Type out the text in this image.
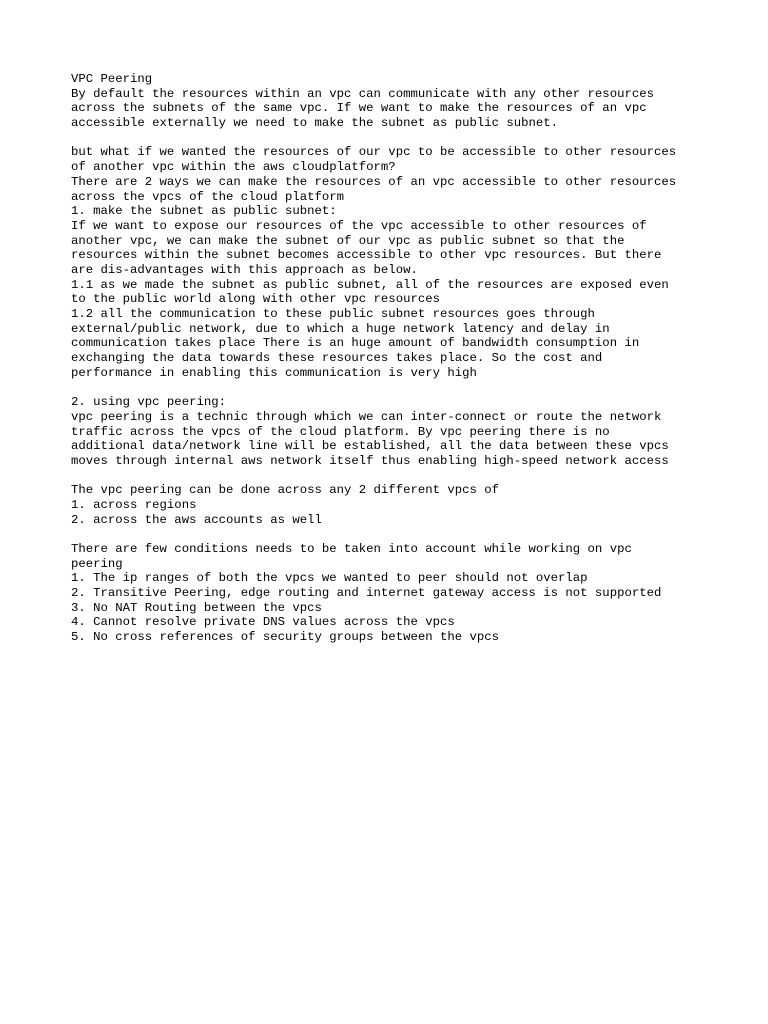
VPC Peering
By default the resources within an vpc can communicate with any other resources
across the subnets of the same vpc. If we want to make the resources of an vpc
accessible externally we need to make the subnet as public subnet.
but what if we wanted the resources of our vpc to be accessible to other resources
of another vpc within the aws cloudplatform?
There are 2 ways we can make the resources of an vpc accessible to other resources
across the vpcs of the cloud platform
1. make the subnet as public subnet:
If we want to expose our resources of the vpc accessible to other resources of
another vpc, we can make the subnet of our vpc as public subnet so that the
resources within the subnet becomes accessible to other vpc resources. But there
are dis-advantages with this approach as below.
1.1 as we made the subnet as public subnet, all of the resources are exposed even
to the public world along with other vpc resources
1.2 all the communication to these public subnet resources goes through
external/public network, due to which a huge network latency and delay in
communication takes place There is an huge amount of bandwidth consumption in
exchanging the data towards these resources takes place. So the cost and
performance in enabling this communication is very high
2. using vpc peering:
vpc peering is a technic through which we can inter-connect or route the network
traffic across the vpcs of the cloud platform. By vpc peering there is no
additional data/network line will be established, all the data between these vpcs
moves through internal aws network itself thus enabling high-speed network access
The vpc peering can be done across any 2 different vpcs of
1. across regions
2. across the aws accounts as well
There are few conditions needs to be taken into account while working on vpc
peering
1. The ip ranges of both the vpcs we wanted to peer should not overlap
2. Transitive Peering, edge routing and internet gateway access is not supported
3. No NAT Routing between the vpcs
4. Cannot resolve private DNS values across the vpcs
5. No cross references of security groups between the vpcs
